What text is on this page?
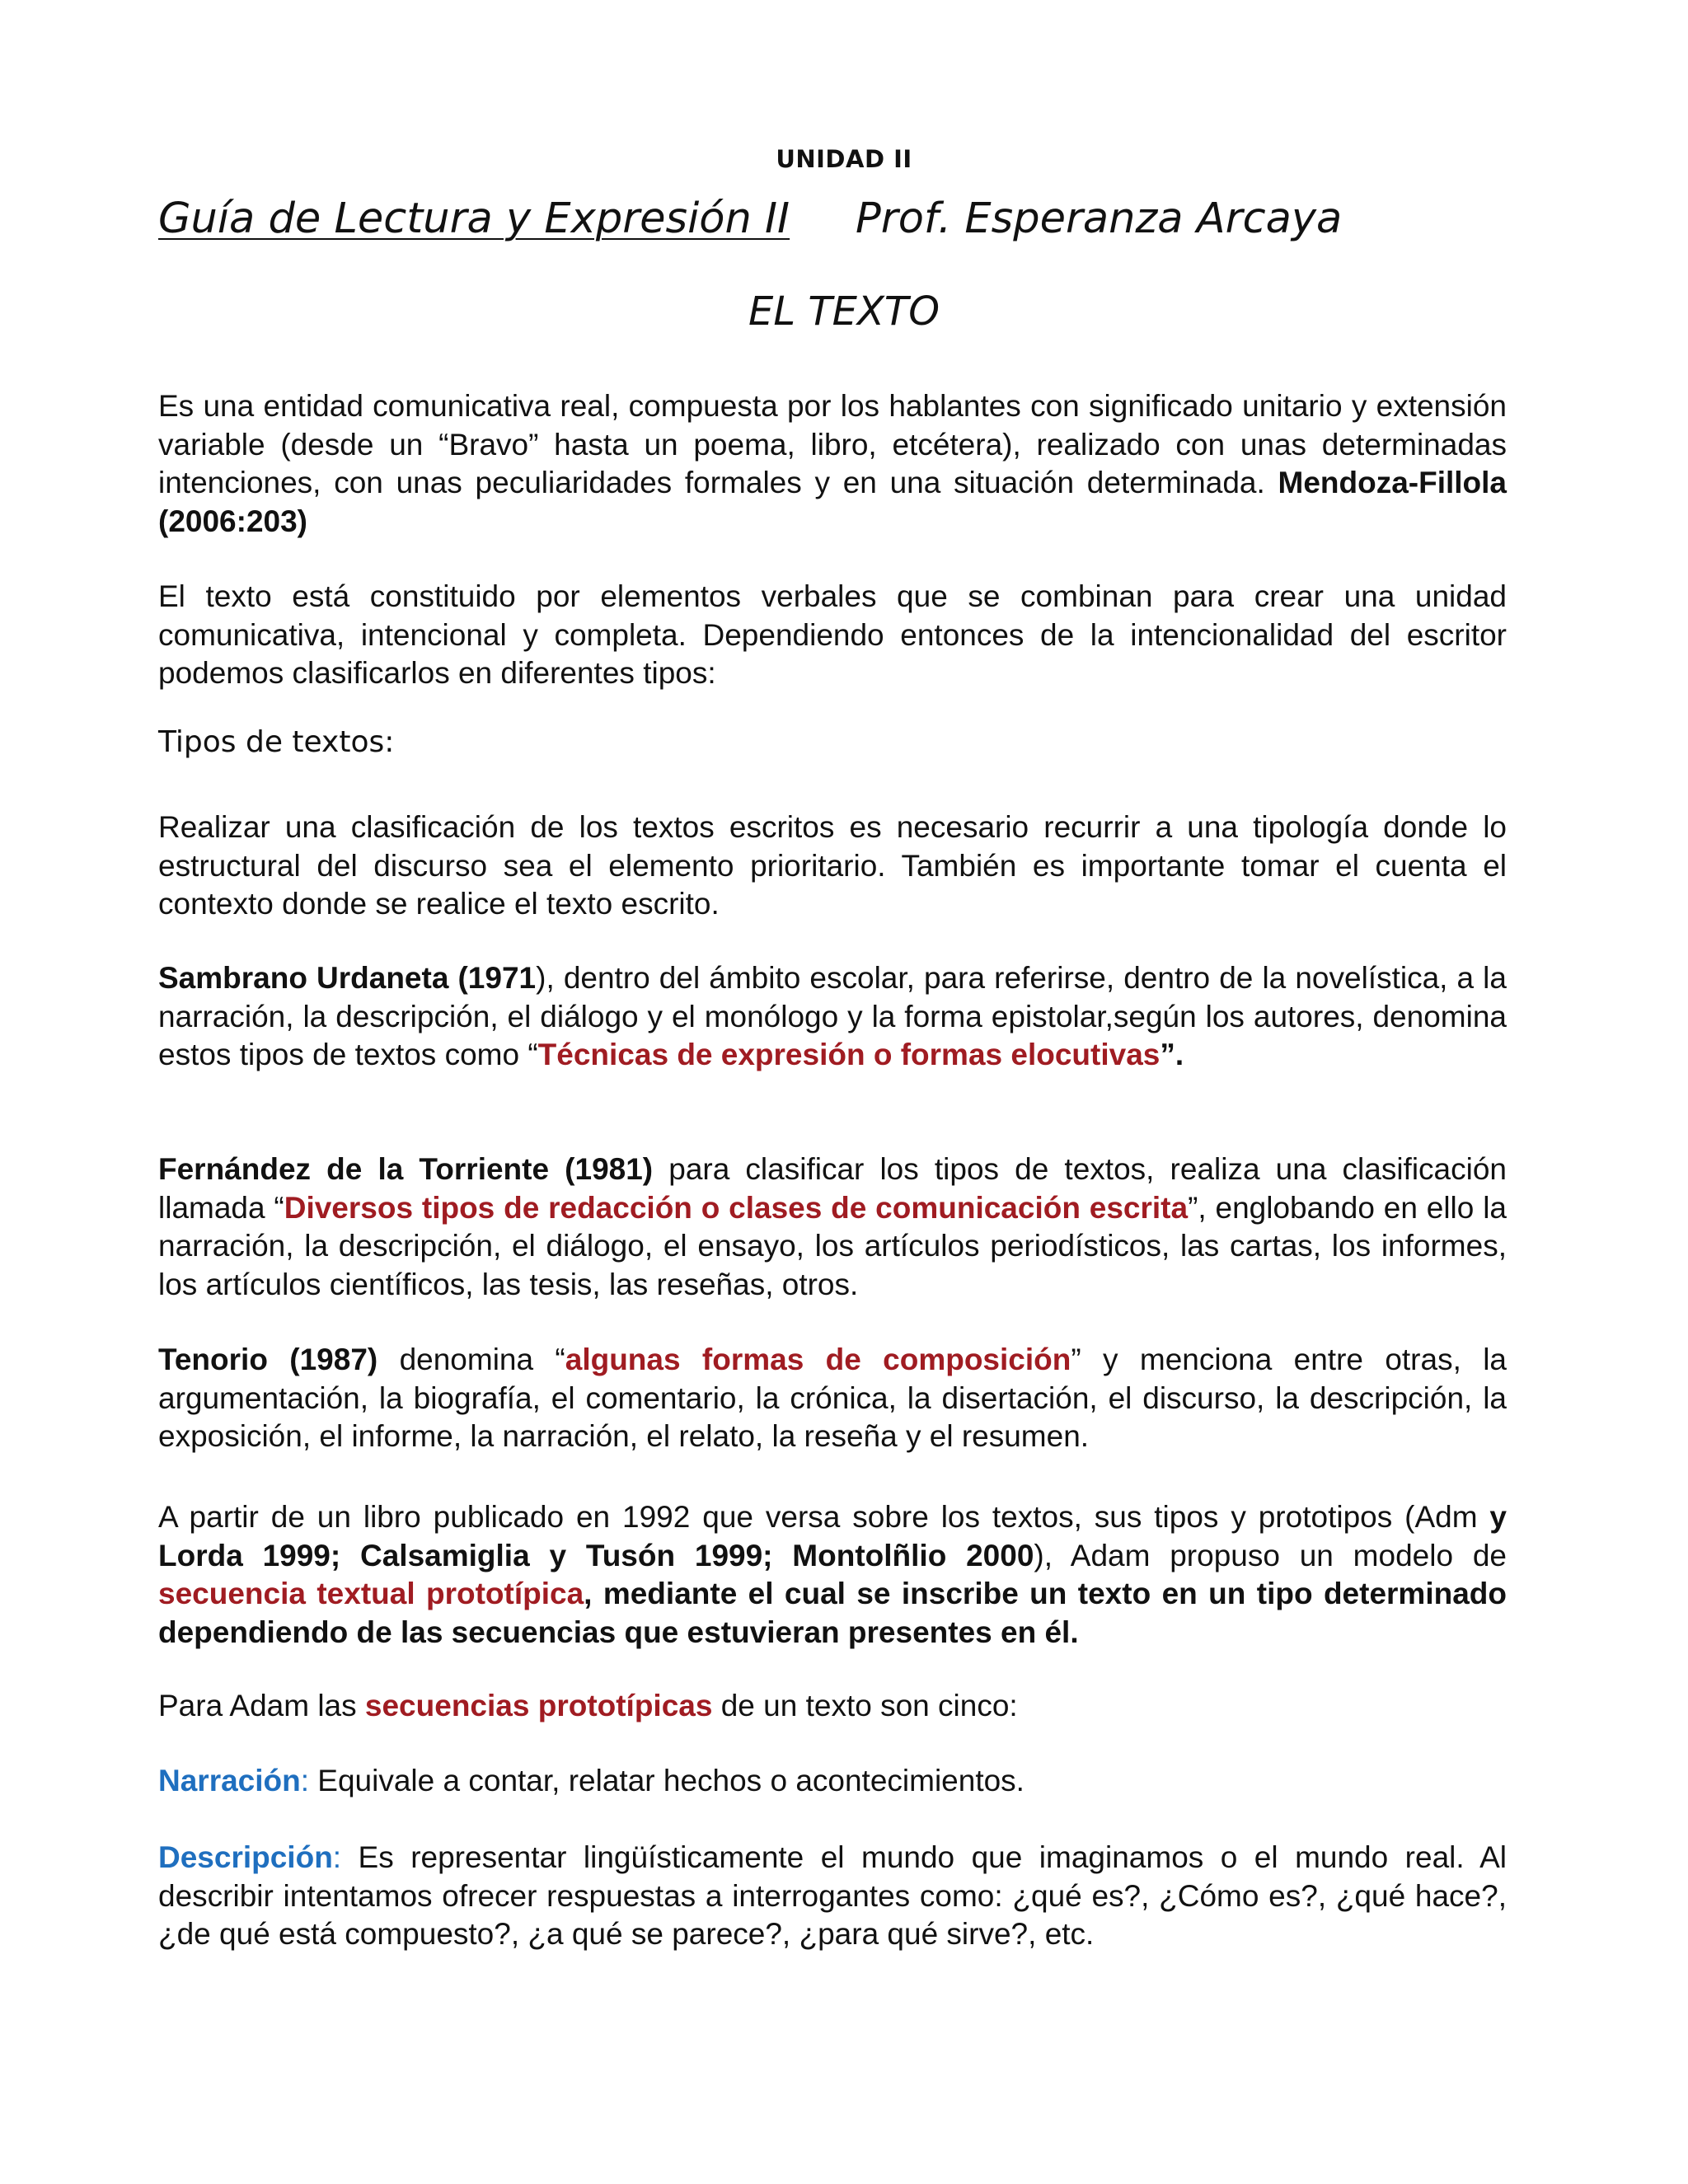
UNIDAD II
Guía de Lectura y Expresión II Prof. Esperanza Arcaya
EL TEXTO

Es una entidad comunicativa real, compuesta por los hablantes con significado unitario y extensión variable (desde un “Bravo” hasta un poema, libro, etcétera), realizado con unas determinadas intenciones, con unas peculiaridades formales y en una situación determinada. Mendoza-Fillola (2006:203)

El texto está constituido por elementos verbales que se combinan para crear una unidad comunicativa, intencional y completa. Dependiendo entonces de la intencionalidad del escritor podemos clasificarlos en diferentes tipos:

Tipos de textos:

Realizar una clasificación de los textos escritos es necesario recurrir a una tipología donde lo estructural del discurso sea el elemento prioritario. También es importante tomar el cuenta el contexto donde se realice el texto escrito.

Sambrano Urdaneta (1971), dentro del ámbito escolar, para referirse, dentro de la novelística, a la narración, la descripción, el diálogo y el monólogo y la forma epistolar,según los autores, denomina estos tipos de textos como “Técnicas de expresión o formas elocutivas”.

Fernández de la Torriente (1981) para clasificar los tipos de textos, realiza una clasificación llamada “Diversos tipos de redacción o clases de comunicación escrita”, englobando en ello la narración, la descripción, el diálogo, el ensayo, los artículos periodísticos, las cartas, los informes, los artículos científicos, las tesis, las reseñas, otros.

Tenorio (1987) denomina “algunas formas de composición” y menciona entre otras, la argumentación, la biografía, el comentario, la crónica, la disertación, el discurso, la descripción, la exposición, el informe, la narración, el relato, la reseña y el resumen.

A partir de un libro publicado en 1992 que versa sobre los textos, sus tipos y prototipos (Adm y Lorda 1999; Calsamiglia y Tusón 1999; Montolñlio 2000), Adam propuso un modelo de secuencia textual prototípica, mediante el cual se inscribe un texto en un tipo determinado dependiendo de las secuencias que estuvieran presentes en él.

Para Adam las secuencias prototípicas de un texto son cinco:

Narración: Equivale a contar, relatar hechos o acontecimientos.

Descripción: Es representar lingüísticamente el mundo que imaginamos o el mundo real. Al describir intentamos ofrecer respuestas a interrogantes como: ¿qué es?, ¿Cómo es?, ¿qué hace?, ¿de qué está compuesto?, ¿a qué se parece?, ¿para qué sirve?, etc.
